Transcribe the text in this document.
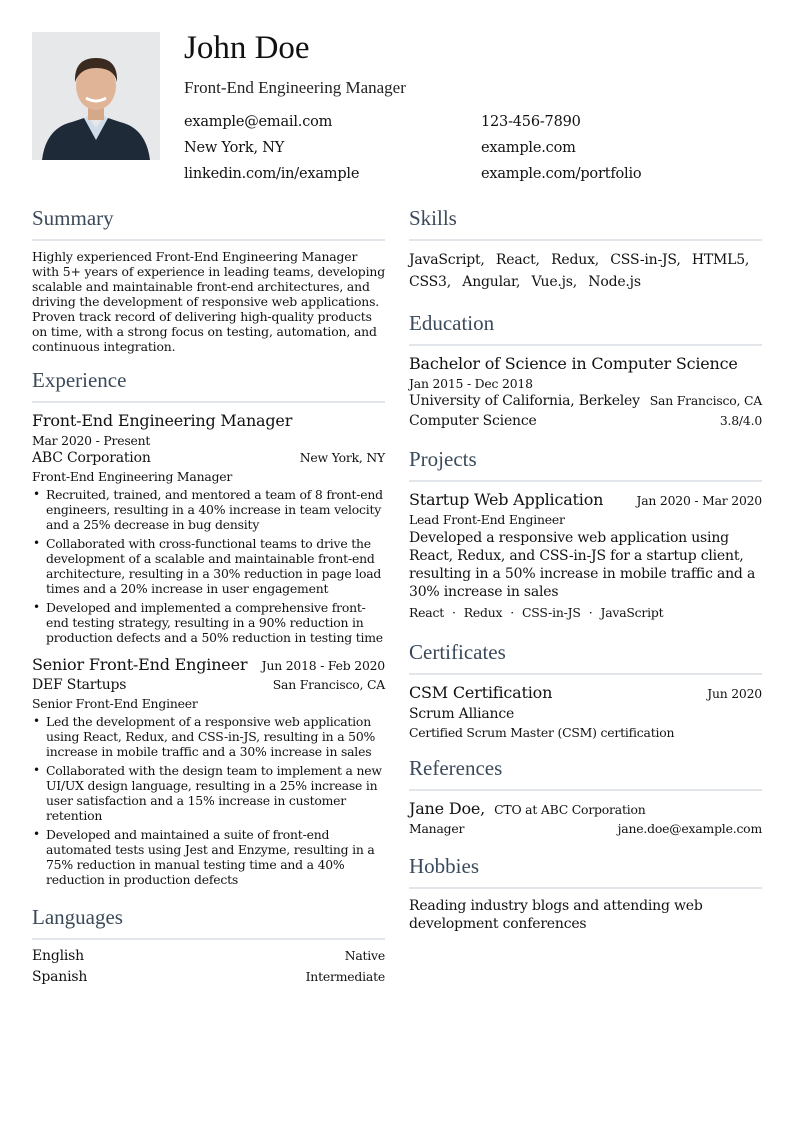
John Doe
Front-End Engineering Manager
example@email.com	123-456-7890
New York, NY	example.com
linkedin.com/in/example	example.com/portfolio
Summary
Highly experienced Front-End Engineering Manager with 5+ years of experience in leading teams, developing scalable and maintainable front-end architectures, and driving the development of responsive web applications. Proven track record of delivering high-quality products on time, with a strong focus on testing, automation, and continuous integration.
Experience
Front-End Engineering Manager
Mar 2020 - Present
ABC Corporation	New York, NY
Front-End Engineering Manager
• Recruited, trained, and mentored a team of 8 front-end engineers, resulting in a 40% increase in team velocity and a 25% decrease in bug density
• Collaborated with cross-functional teams to drive the development of a scalable and maintainable front-end architecture, resulting in a 30% reduction in page load times and a 20% increase in user engagement
• Developed and implemented a comprehensive front-end testing strategy, resulting in a 90% reduction in production defects and a 50% reduction in testing time
Senior Front-End Engineer Jun 2018 - Feb 2020
DEF Startups	San Francisco, CA
Senior Front-End Engineer
• Led the development of a responsive web application using React, Redux, and CSS-in-JS, resulting in a 50% increase in mobile traffic and a 30% increase in sales
• Collaborated with the design team to implement a new UI/UX design language, resulting in a 25% increase in user satisfaction and a 15% increase in customer retention
• Developed and maintained a suite of front-end automated tests using Jest and Enzyme, resulting in a 75% reduction in manual testing time and a 40% reduction in production defects
Languages
English	Native
Spanish	Intermediate
Skills
JavaScript, React, Redux, CSS-in-JS, HTML5, CSS3, Angular, Vue.js, Node.js
Education
Bachelor of Science in Computer Science
Jan 2015 - Dec 2018
University of California, Berkeley San Francisco, CA
Computer Science	3.8/4.0
Projects
Startup Web Application	Jan 2020 - Mar 2020
Lead Front-End Engineer
Developed a responsive web application using React, Redux, and CSS-in-JS for a startup client, resulting in a 50% increase in mobile traffic and a 30% increase in sales
React · Redux · CSS-in-JS · JavaScript
Certificates
CSM Certification	Jun 2020
Scrum Alliance
Certified Scrum Master (CSM) certification
References
Jane Doe, CTO at ABC Corporation
Manager	jane.doe@example.com
Hobbies
Reading industry blogs and attending web development conferences
